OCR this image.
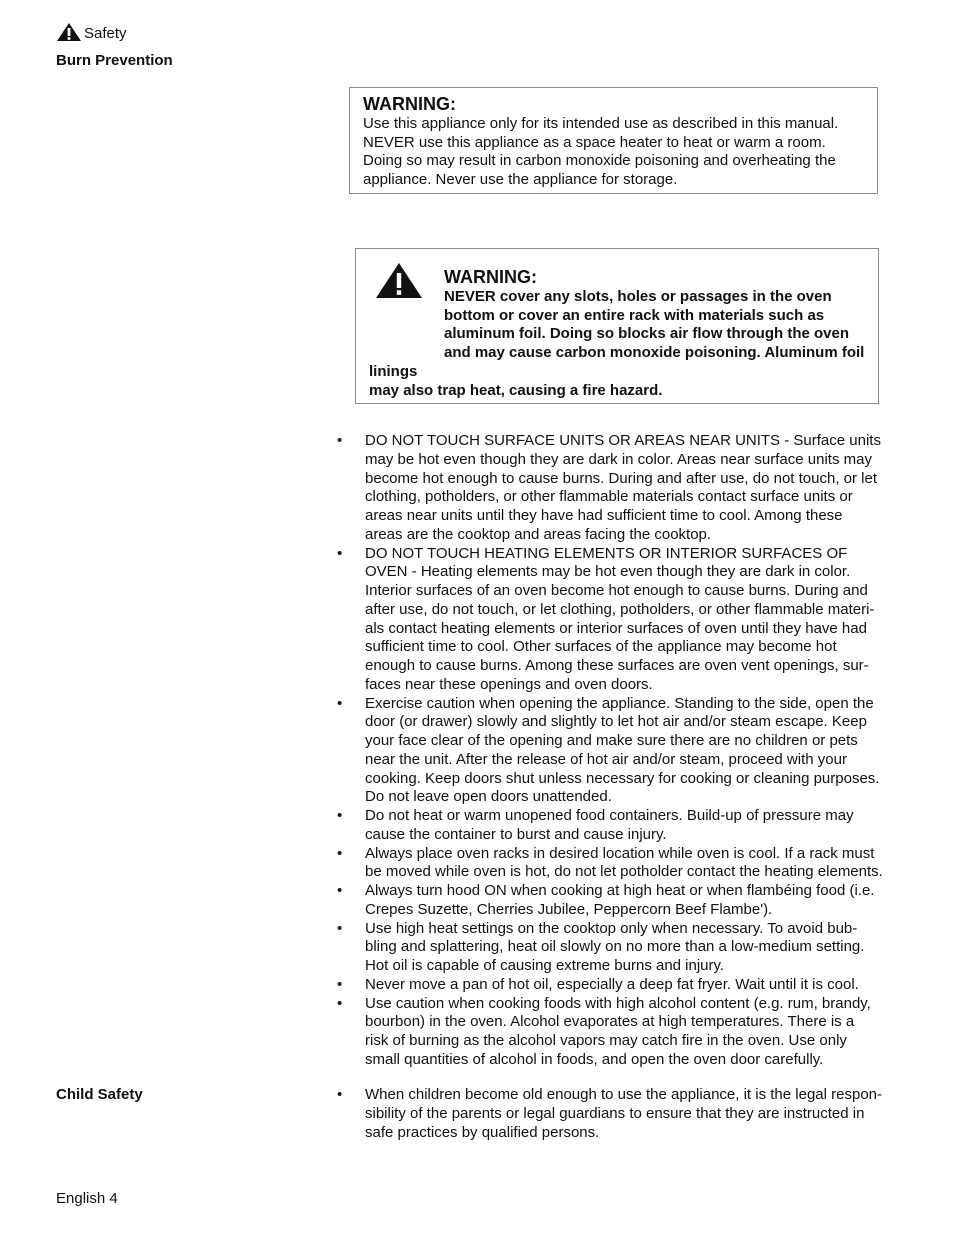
Safety
Burn Prevention
WARNING:
Use this appliance only for its intended use as described in this manual.
NEVER use this appliance as a space heater to heat or warm a room.
Doing so may result in carbon monoxide poisoning and overheating the
appliance. Never use the appliance for storage.
WARNING:
NEVER cover any slots, holes or passages in the oven
bottom or cover an entire rack with materials such as
aluminum foil. Doing so blocks air flow through the oven
and may cause carbon monoxide poisoning. Aluminum foil linings
may also trap heat, causing a fire hazard.
•	DO NOT TOUCH SURFACE UNITS OR AREAS NEAR UNITS - Surface units
may be hot even though they are dark in color. Areas near surface units may
become hot enough to cause burns. During and after use, do not touch, or let
clothing, potholders, or other flammable materials contact surface units or
areas near units until they have had sufficient time to cool. Among these
areas are the cooktop and areas facing the cooktop.
•	DO NOT TOUCH HEATING ELEMENTS OR INTERIOR SURFACES OF
OVEN - Heating elements may be hot even though they are dark in color.
Interior surfaces of an oven become hot enough to cause burns. During and
after use, do not touch, or let clothing, potholders, or other flammable materi-
als contact heating elements or interior surfaces of oven until they have had
sufficient time to cool. Other surfaces of the appliance may become hot
enough to cause burns. Among these surfaces are oven vent openings, sur-
faces near these openings and oven doors.
•	Exercise caution when opening the appliance. Standing to the side, open the
door (or drawer) slowly and slightly to let hot air and/or steam escape. Keep
your face clear of the opening and make sure there are no children or pets
near the unit. After the release of hot air and/or steam, proceed with your
cooking. Keep doors shut unless necessary for cooking or cleaning purposes.
Do not leave open doors unattended.
•	Do not heat or warm unopened food containers. Build-up of pressure may
cause the container to burst and cause injury.
•	Always place oven racks in desired location while oven is cool. If a rack must
be moved while oven is hot, do not let potholder contact the heating elements.
•	Always turn hood ON when cooking at high heat or when flambéing food (i.e.
Crepes Suzette, Cherries Jubilee, Peppercorn Beef Flambe').
•	Use high heat settings on the cooktop only when necessary. To avoid bub-
bling and splattering, heat oil slowly on no more than a low-medium setting.
Hot oil is capable of causing extreme burns and injury.
•	Never move a pan of hot oil, especially a deep fat fryer. Wait until it is cool.
•	Use caution when cooking foods with high alcohol content (e.g. rum, brandy,
bourbon) in the oven. Alcohol evaporates at high temperatures. There is a
risk of burning as the alcohol vapors may catch fire in the oven. Use only
small quantities of alcohol in foods, and open the oven door carefully.
Child Safety	•	When children become old enough to use the appliance, it is the legal respon-
sibility of the parents or legal guardians to ensure that they are instructed in
safe practices by qualified persons.
English 4
